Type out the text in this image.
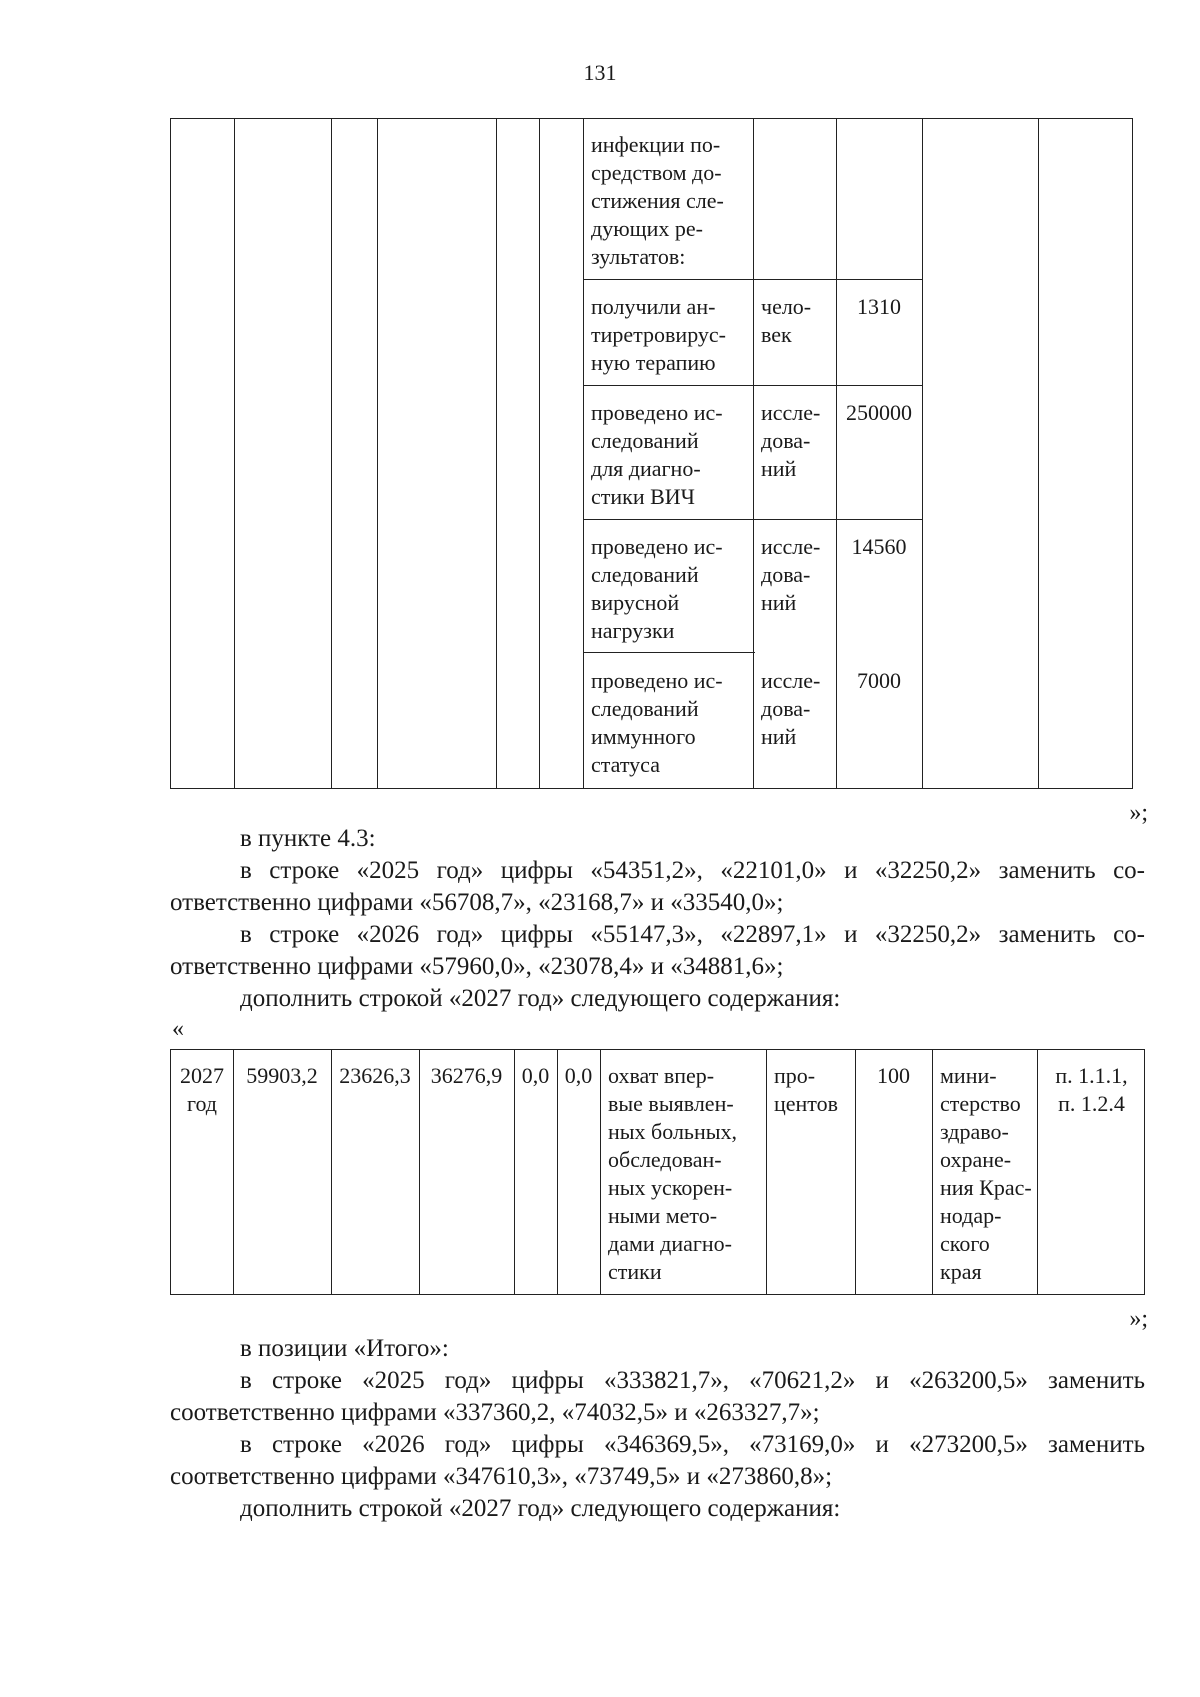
131
инфекции по-
средством до-
стижения сле-
дующих ре-
зультатов:
получили ан-
тиретровирус-
ную терапию
чело-
век
1310
проведено ис-
следований
для диагно-
стики ВИЧ
иссле-
дова-
ний
250000
проведено ис-
следований
вирусной
нагрузки
иссле-
дова-
ний
14560
проведено ис-
следований
иммунного
статуса
иссле-
дова-
ний
7000
»;
в пункте 4.3:
в строке «2025 год» цифры «54351,2», «22101,0» и «32250,2» заменить со-
ответственно цифрами «56708,7», «23168,7» и «33540,0»;
в строке «2026 год» цифры «55147,3», «22897,1» и «32250,2» заменить со-
ответственно цифрами «57960,0», «23078,4» и «34881,6»;
дополнить строкой «2027 год» следующего содержания:
«
2027
год
59903,2 23626,3 36276,9 0,0 0,0 охват впер-
вые выявлен-
ных больных,
обследован-
ных ускорен-
ными мето-
дами диагно-
стики
про-
центов
100	мини-
стерство
здраво-
охране-
ния Крас-
нодар-
ского
края
п. 1.1.1,
п. 1.2.4
»;
в позиции «Итого»:
в строке «2025 год» цифры «333821,7», «70621,2» и «263200,5» заменить
соответственно цифрами «337360,2, «74032,5» и «263327,7»;
в строке «2026 год» цифры «346369,5», «73169,0» и «273200,5» заменить
соответственно цифрами «347610,3», «73749,5» и «273860,8»;
дополнить строкой «2027 год» следующего содержания:
